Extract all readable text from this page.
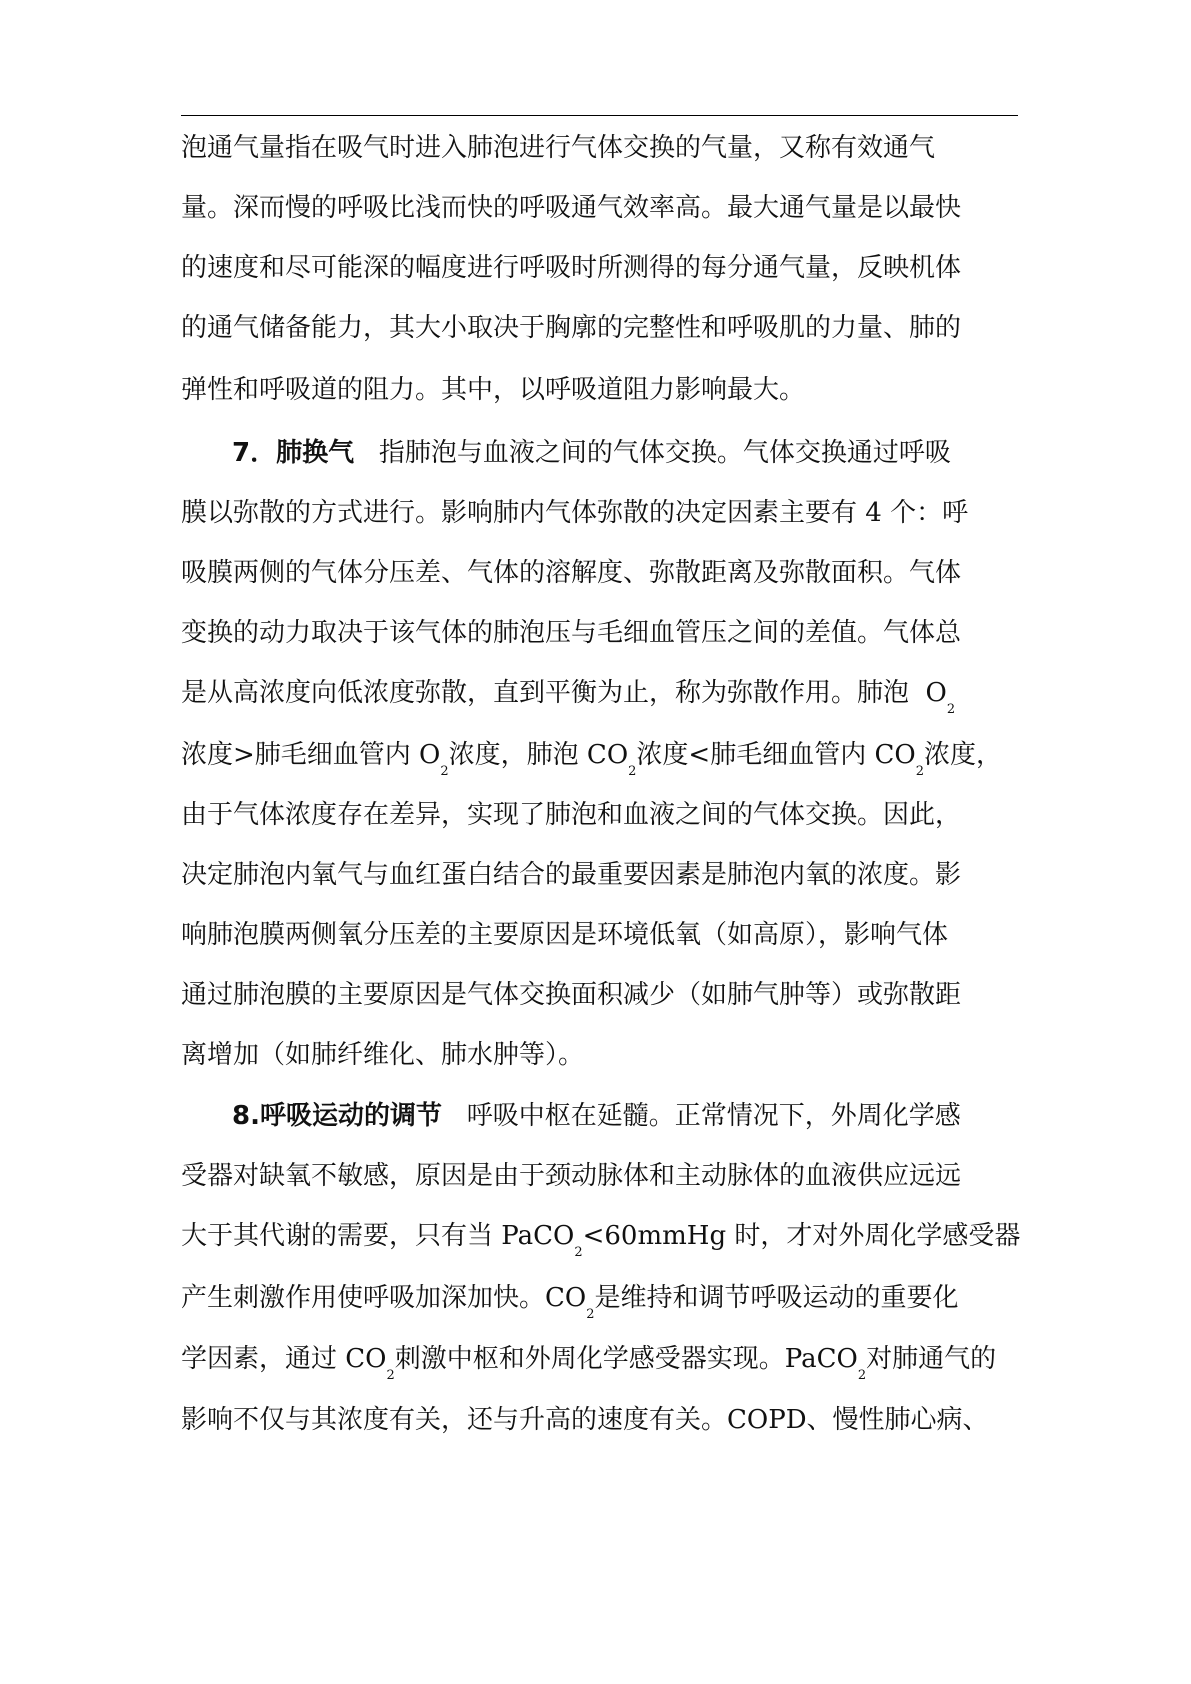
泡通气量指在吸气时进入肺泡进行气体交换的气量，又称有效通气
量。深而慢的呼吸比浅而快的呼吸通气效率高。最大通气量是以最快
的速度和尽可能深的幅度进行呼吸时所测得的每分通气量，反映机体
的通气储备能力，其大小取决于胸廓的完整性和呼吸肌的力量、肺的
弹性和呼吸道的阻力。其中，以呼吸道阻力影响最大。
7．肺换气 指肺泡与血液之间的气体交换。气体交换通过呼吸
膜以弥散的方式进行。影响肺内气体弥散的决定因素主要有 4 个：呼
吸膜两侧的气体分压差、气体的溶解度、弥散距离及弥散面积。气体
变换的动力取决于该气体的肺泡压与毛细血管压之间的差值。气体总
是从高浓度向低浓度弥散，直到平衡为止，称为弥散作用。肺泡  $O_2$
浓度>肺毛细血管内 $O_2$浓度，肺泡 $CO_2$浓度<肺毛细血管内 $CO_2$浓度，
由于气体浓度存在差异，实现了肺泡和血液之间的气体交换。因此，
决定肺泡内氧气与血红蛋白结合的最重要因素是肺泡内氧的浓度。影
响肺泡膜两侧氧分压差的主要原因是环境低氧（如高原），影响气体
通过肺泡膜的主要原因是气体交换面积减少（如肺气肿等）或弥散距
离增加（如肺纤维化、肺水肿等）。
8.呼吸运动的调节 呼吸中枢在延髓。正常情况下，外周化学感
受器对缺氧不敏感，原因是由于颈动脉体和主动脉体的血液供应远远
大于其代谢的需要，只有当 PaCO$_2$<60mmHg 时，才对外周化学感受器
产生刺激作用使呼吸加深加快。$CO_2$是维持和调节呼吸运动的重要化
学因素，通过 $CO_2$刺激中枢和外周化学感受器实现。PaCO$_2$对肺通气的
影响不仅与其浓度有关，还与升高的速度有关。COPD、慢性肺心病、
